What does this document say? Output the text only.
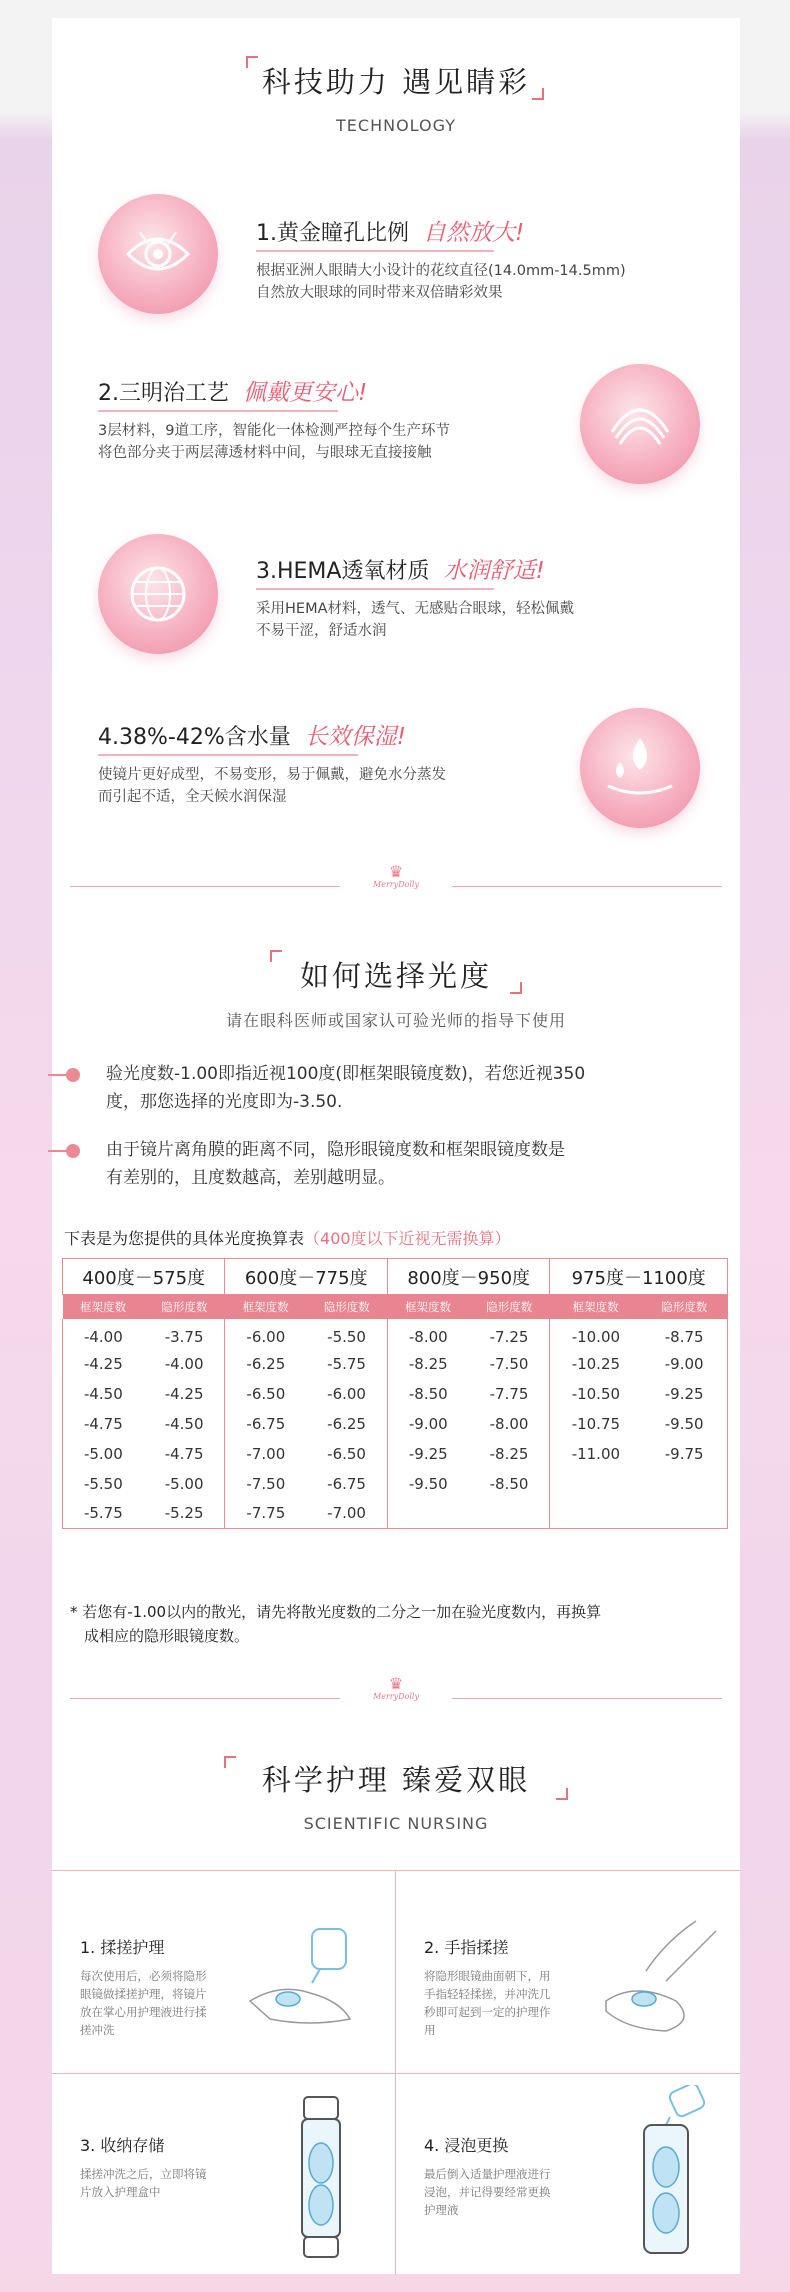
科技助力 遇见睛彩
TECHNOLOGY
1.黄金瞳孔比例 自然放大!
根据亚洲人眼睛大小设计的花纹直径(14.0mm-14.5mm)
自然放大眼球的同时带来双倍睛彩效果
2.三明治工艺 佩戴更安心!
3层材料，9道工序，智能化一体检测严控每个生产环节
将色部分夹于两层薄透材料中间，与眼球无直接接触
3.HEMA透氧材质 水润舒适!
采用HEMA材料，透气、无感贴合眼球，轻松佩戴
不易干涩，舒适水润
4.38%-42%含水量 长效保湿!
使镜片更好成型，不易变形，易于佩戴，避免水分蒸发
而引起不适，全天候水润保湿
♛
MerryDolly
如何选择光度
请在眼科医师或国家认可验光师的指导下使用
验光度数-1.00即指近视100度(即框架眼镜度数)，若您近视350
度，那您选择的光度即为-3.50.
由于镜片离角膜的距离不同，隐形眼镜度数和框架眼镜度数是
有差别的，且度数越高，差别越明显。
下表是为您提供的具体光度换算表（400度以下近视无需换算）
400度－575度		600度－775度		800度－950度		975度－1100度	
框架度数	隐形度数	框架度数	隐形度数	框架度数	隐形度数	框架度数	隐形度数
-4.00	-3.75	-6.00	-5.50	-8.00	-7.25	-10.00	-8.75
-4.25	-4.00	-6.25	-5.75	-8.25	-7.50	-10.25	-9.00
-4.50	-4.25	-6.50	-6.00	-8.50	-7.75	-10.50	-9.25
-4.75	-4.50	-6.75	-6.25	-9.00	-8.00	-10.75	-9.50
-5.00	-4.75	-7.00	-6.50	-9.25	-8.25	-11.00	-9.75
-5.50	-5.00	-7.50	-6.75	-9.50	-8.50		
-5.75	-5.25	-7.75	-7.00				
* 若您有-1.00以内的散光，请先将散光度数的二分之一加在验光度数内，再换算
成相应的隐形眼镜度数。
♛
MerryDolly
科学护理 臻爱双眼
SCIENTIFIC NURSING
1. 揉搓护理
每次使用后，必须将隐形
眼镜做揉搓护理，将镜片
放在掌心用护理液进行揉
搓冲洗
2. 手指揉搓
将隐形眼镜曲面朝下，用
手指轻轻揉搓，并冲洗几
秒即可起到一定的护理作
用
3. 收纳存储
揉搓冲洗之后，立即将镜
片放入护理盒中
4. 浸泡更换
最后倒入适量护理液进行
浸泡，并记得要经常更换
护理液
